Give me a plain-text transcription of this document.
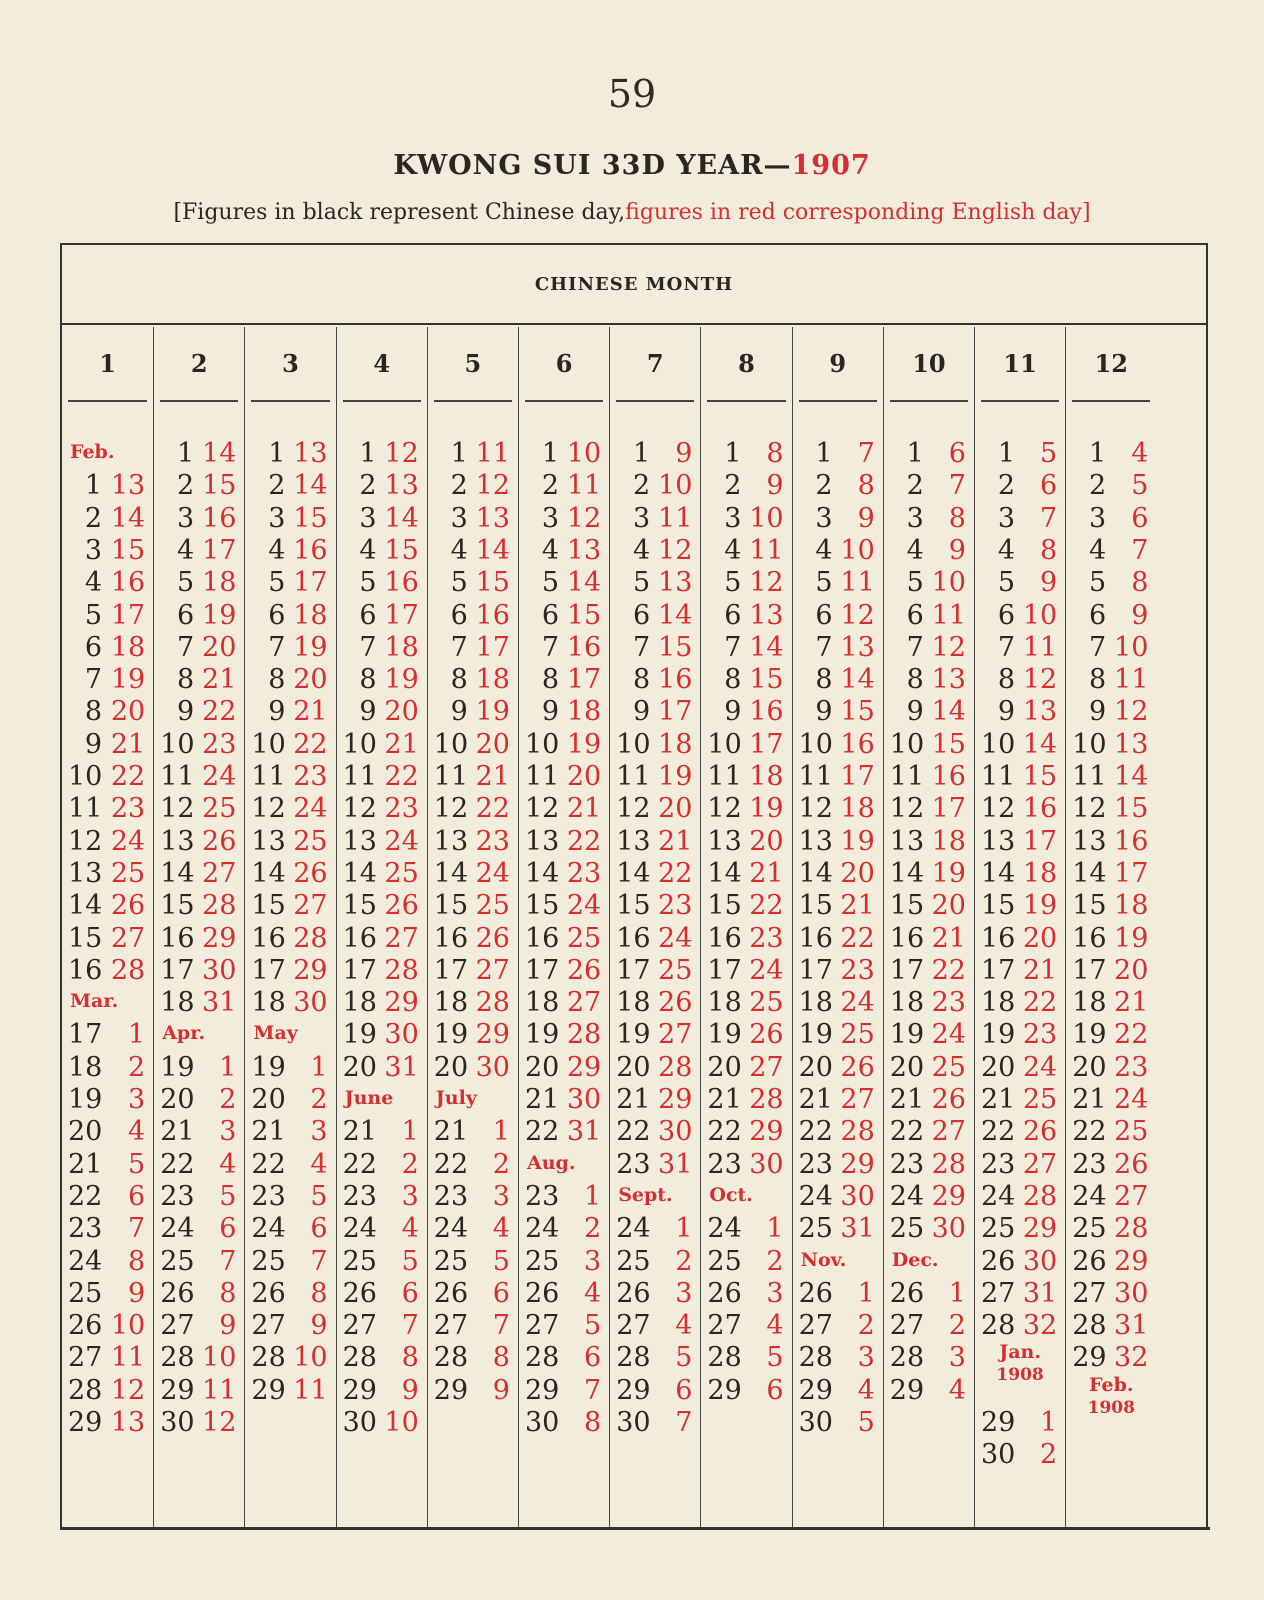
59
KWONG SUI 33D YEAR—1907
[Figures in black represent Chinese day,figures in red corresponding English day]
CHINESE MONTH
1
Feb.
Mar.
1 13
2 14
3 15
4 16
5 17
6 18
7 19
8 20
9 21
10 22
11 23
12 24
13 25
14 26
15 27
16 28
17 1
18 2
19 3
20 4
21 5
22 6
23 7
24 8
25 9
26 10
27 11
28 12
29 13
2
Apr.
1 14
2 15
3 16
4 17
5 18
6 19
7 20
8 21
9 22
10 23
11 24
12 25
13 26
14 27
15 28
16 29
17 30
18 31
19 1
20 2
21 3
22 4
23 5
24 6
25 7
26 8
27 9
28 10
29 11
30 12
3
May
1 13
2 14
3 15
4 16
5 17
6 18
7 19
8 20
9 21
10 22
11 23
12 24
13 25
14 26
15 27
16 28
17 29
18 30
19 1
20 2
21 3
22 4
23 5
24 6
25 7
26 8
27 9
28 10
29 11
4
June
1 12
2 13
3 14
4 15
5 16
6 17
7 18
8 19
9 20
10 21
11 22
12 23
13 24
14 25
15 26
16 27
17 28
18 29
19 30
20 31
21 1
22 2
23 3
24 4
25 5
26 6
27 7
28 8
29 9
30 10
5
July
1 11
2 12
3 13
4 14
5 15
6 16
7 17
8 18
9 19
10 20
11 21
12 22
13 23
14 24
15 25
16 26
17 27
18 28
19 29
20 30
21 1
22 2
23 3
24 4
25 5
26 6
27 7
28 8
29 9
6
Aug.
1 10
2 11
3 12
4 13
5 14
6 15
7 16
8 17
9 18
10 19
11 20
12 21
13 22
14 23
15 24
16 25
17 26
18 27
19 28
20 29
21 30
22 31
23 1
24 2
25 3
26 4
27 5
28 6
29 7
30 8
7
Sept.
1 9
2 10
3 11
4 12
5 13
6 14
7 15
8 16
9 17
10 18
11 19
12 20
13 21
14 22
15 23
16 24
17 25
18 26
19 27
20 28
21 29
22 30
23 31
24 1
25 2
26 3
27 4
28 5
29 6
30 7
8
Oct.
1 8
2 9
3 10
4 11
5 12
6 13
7 14
8 15
9 16
10 17
11 18
12 19
13 20
14 21
15 22
16 23
17 24
18 25
19 26
20 27
21 28
22 29
23 30
24 1
25 2
26 3
27 4
28 5
29 6
9
Nov.
1 7
2 8
3 9
4 10
5 11
6 12
7 13
8 14
9 15
10 16
11 17
12 18
13 19
14 20
15 21
16 22
17 23
18 24
19 25
20 26
21 27
22 28
23 29
24 30
25 31
26 1
27 2
28 3
29 4
30 5
10
Dec.
1 6
2 7
3 8
4 9
5 10
6 11
7 12
8 13
9 14
10 15
11 16
12 17
13 18
14 19
15 20
16 21
17 22
18 23
19 24
20 25
21 26
22 27
23 28
24 29
25 30
26 1
27 2
28 3
29 4
11
Jan.
1908
1 5
2 6
3 7
4 8
5 9
6 10
7 11
8 12
9 13
10 14
11 15
12 16
13 17
14 18
15 19
16 20
17 21
18 22
19 23
20 24
21 25
22 26
23 27
24 28
25 29
26 30
27 31
28 32
29 1
30 2
12
Feb.
1908
1 4
2 5
3 6
4 7
5 8
6 9
7 10
8 11
9 12
10 13
11 14
12 15
13 16
14 17
15 18
16 19
17 20
18 21
19 22
20 23
21 24
22 25
23 26
24 27
25 28
26 29
27 30
28 31
29 32
